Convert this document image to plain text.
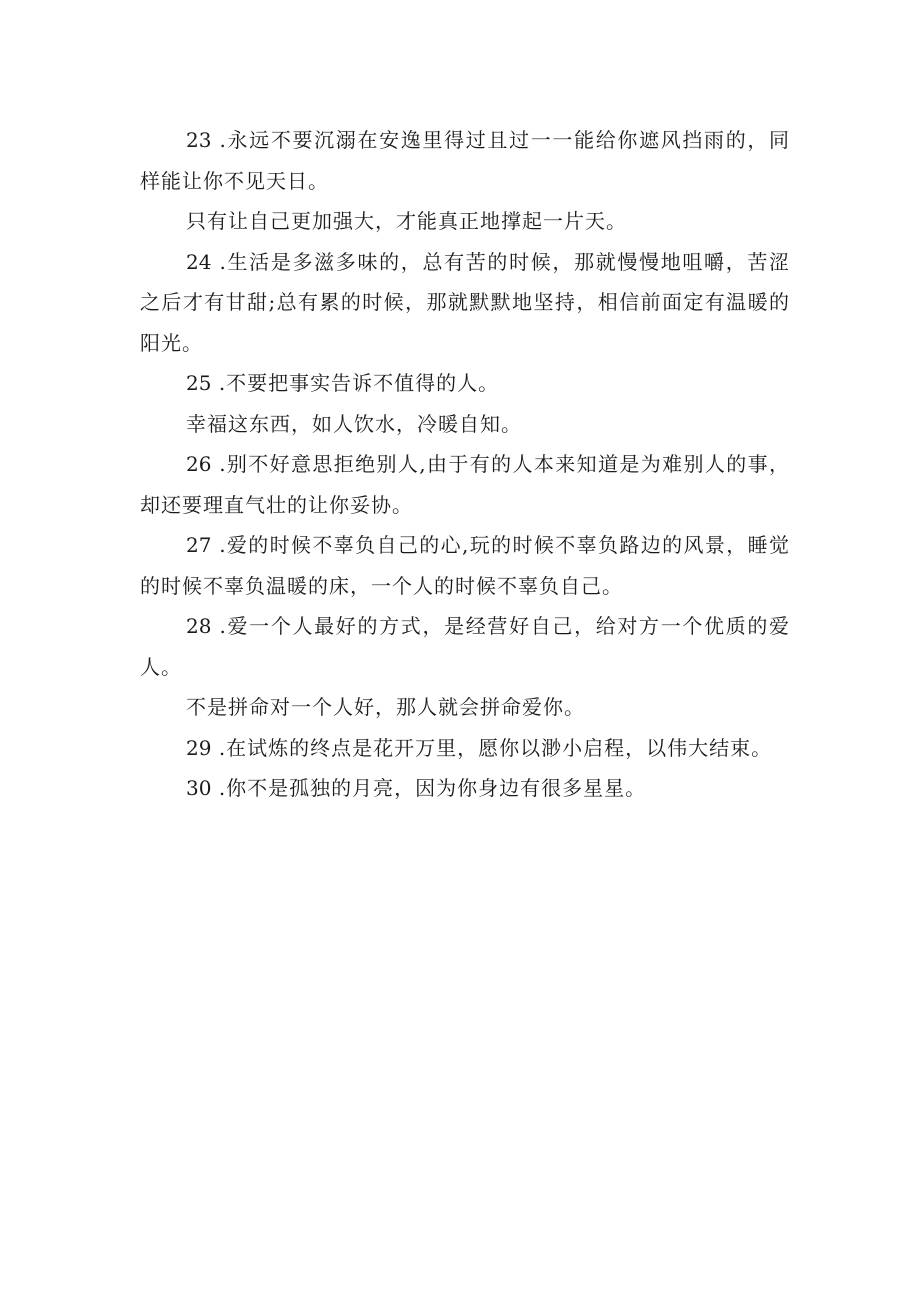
23 .永远不要沉溺在安逸里得过且过一一能给你遮风挡雨的，同样能让你不见天日。

只有让自己更加强大，才能真正地撑起一片天。

24 .生活是多滋多味的，总有苦的时候，那就慢慢地咀嚼，苦涩之后才有甘甜;总有累的时候，那就默默地坚持，相信前面定有温暖的阳光。

25 .不要把事实告诉不值得的人。

幸福这东西，如人饮水，冷暖自知。

26 .别不好意思拒绝别人,由于有的人本来知道是为难别人的事，却还要理直气壮的让你妥协。

27 .爱的时候不辜负自己的心,玩的时候不辜负路边的风景，睡觉的时候不辜负温暖的床，一个人的时候不辜负自己。

28 .爱一个人最好的方式，是经营好自己，给对方一个优质的爱人。

不是拼命对一个人好，那人就会拼命爱你。

29 .在试炼的终点是花开万里，愿你以渺小启程，以伟大结束。

30 .你不是孤独的月亮，因为你身边有很多星星。
